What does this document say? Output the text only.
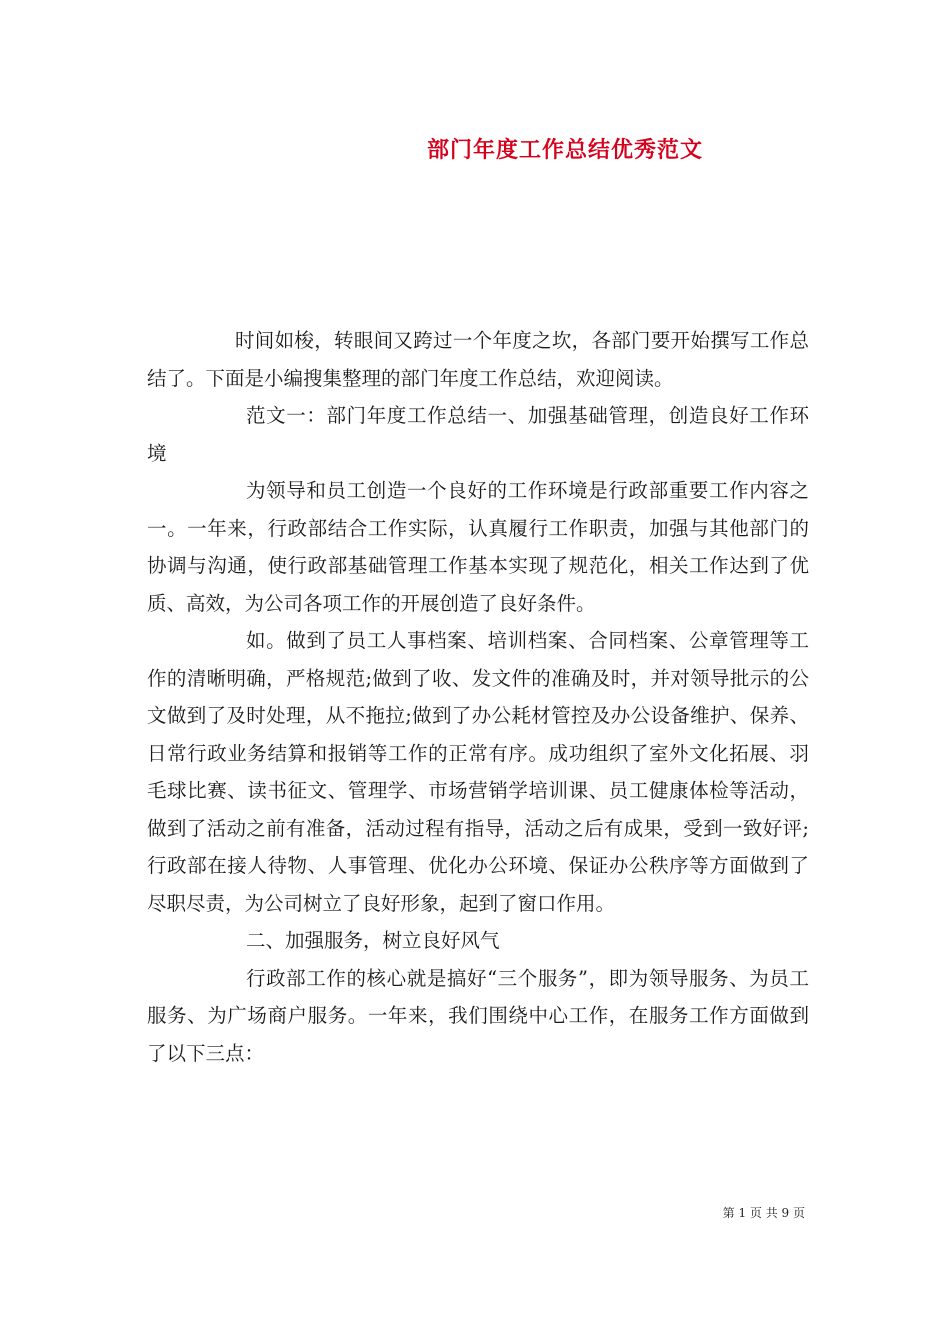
部门年度工作总结优秀范文

时间如梭，转眼间又跨过一个年度之坎，各部门要开始撰写工作总结了。下面是小编搜集整理的部门年度工作总结，欢迎阅读。

范文一：部门年度工作总结一、加强基础管理，创造良好工作环境

为领导和员工创造一个良好的工作环境是行政部重要工作内容之一。一年来，行政部结合工作实际，认真履行工作职责，加强与其他部门的协调与沟通，使行政部基础管理工作基本实现了规范化，相关工作达到了优质、高效，为公司各项工作的开展创造了良好条件。

如。做到了员工人事档案、培训档案、合同档案、公章管理等工作的清晰明确，严格规范;做到了收、发文件的准确及时，并对领导批示的公文做到了及时处理，从不拖拉;做到了办公耗材管控及办公设备维护、保养、日常行政业务结算和报销等工作的正常有序。成功组织了室外文化拓展、羽毛球比赛、读书征文、管理学、市场营销学培训课、员工健康体检等活动，做到了活动之前有准备，活动过程有指导，活动之后有成果，受到一致好评;行政部在接人待物、人事管理、优化办公环境、保证办公秩序等方面做到了尽职尽责，为公司树立了良好形象，起到了窗口作用。

二、加强服务，树立良好风气

行政部工作的核心就是搞好“三个服务”，即为领导服务、为员工服务、为广场商户服务。一年来，我们围绕中心工作，在服务工作方面做到了以下三点：

第 1 页 共 9 页
